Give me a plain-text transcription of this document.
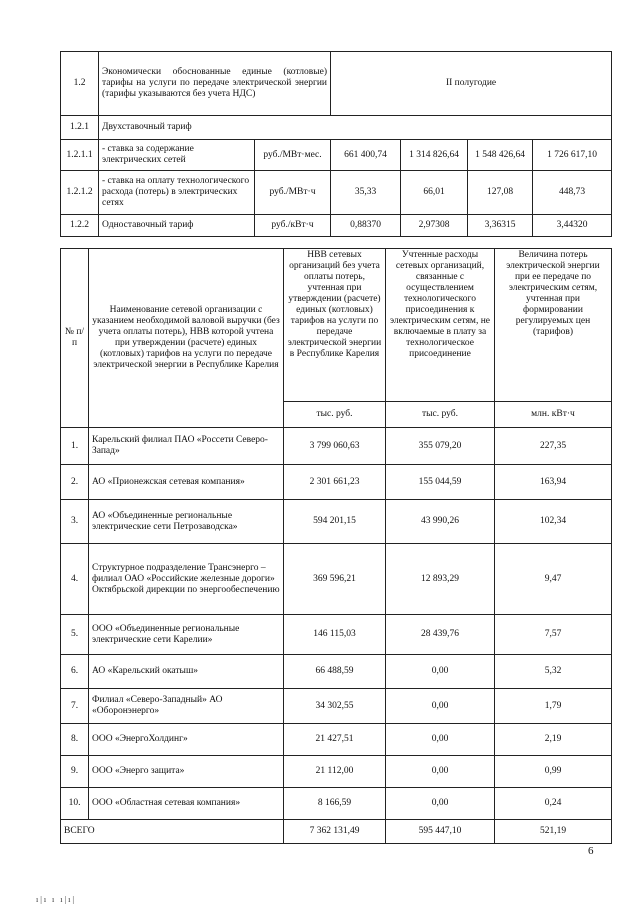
1.2	Экономически обоснованные единые (котловые) тарифы на услуги по передаче электрической энергии (тарифы указываются без учета НДС)		II полугодие			
1.2.1	Двухставочный тариф					
1.2.1.1	- ставка за содержание электрических сетей	руб./МВт·мес.	661 400,74	1 314 826,64	1 548 426,64	1 726 617,10
1.2.1.2	- ставка на оплату технологического расхода (потерь) в электрических сетях	руб./МВт·ч	35,33	66,01	127,08	448,73
1.2.2	Одноставочный тариф	руб./кВт·ч	0,88370	2,97308	3,36315	3,44320
№ п/п	Наименование сетевой организации с указанием необходимой валовой выручки (без учета оплаты потерь), НВВ которой учтена при утверждении (расчете) единых (котловых) тарифов на услуги по передаче электрической энергии в Республике Карелия	НВВ сетевых организаций без учета оплаты потерь, учтенная при утверждении (расчете) единых (котловых) тарифов на услуги по передаче электрической энергии в Республике Карелия	Учтенные расходы сетевых организаций, связанные с осуществлением технологического присоединения к электрическим сетям, не включаемые в плату за технологическое присоединение	Величина потерь электрической энергии при ее передаче по электрическим сетям, учтенная при формировании регулируемых цен (тарифов)
		тыс. руб.	тыс. руб.	млн. кВт·ч
1.	Карельский филиал ПАО «Россети Северо-Запад»	3 799 060,63	355 079,20	227,35
2.	АО «Прионежская сетевая компания»	2 301 661,23	155 044,59	163,94
3.	АО «Объединенные региональные электрические сети Петрозаводска»	594 201,15	43 990,26	102,34
4.	Структурное подразделение Трансэнерго – филиал ОАО «Российские железные дороги» Октябрьской дирекции по энергообеспечению	369 596,21	12 893,29	9,47
5.	ООО «Объединенные региональные электрические сети Карелии»	146 115,03	28 439,76	7,57
6.	АО «Карельский окатыш»	66 488,59	0,00	5,32
7.	Филиал «Северо-Западный» АО «Оборонэнерго»	34 302,55	0,00	1,79
8.	ООО «ЭнергоХолдинг»	21 427,51	0,00	2,19
9.	ООО «Энерго защита»	21 112,00	0,00	0,99
10.	ООО «Областная сетевая компания»	8 166,59	0,00	0,24
ВСЕГО		7 362 131,49	595 447,10	521,19
6
ı|ı ı ı|ı|
